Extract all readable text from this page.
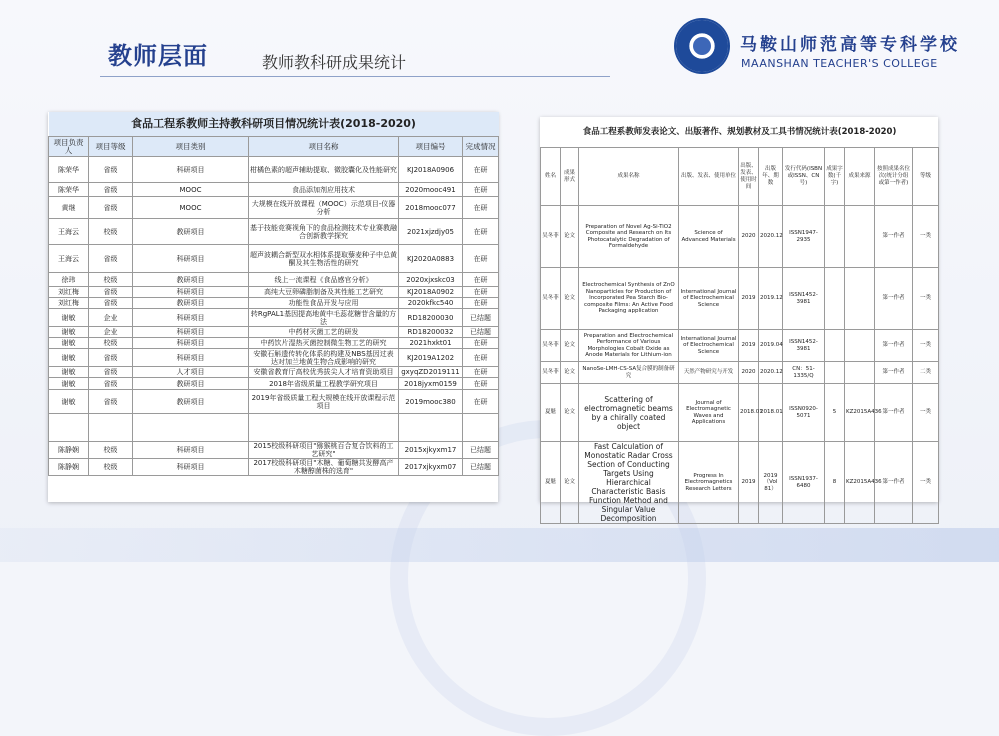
教师层面	教师教科研成果统计
马鞍山师范高等专科学校
MAANSHAN TEACHER'S COLLEGE
食品工程系教师主持教科研项目情况统计表(2018-2020)					
项目负责人	项目等级	项目类别	项目名称	项目编号	完成情况
陈荣华	省级	科研项目	柑橘色素的超声辅助提取、微胶囊化及性能研究	KJ2018A0906	在研
陈荣华	省级	MOOC	食品添加剂应用技术	2020mooc491	在研
黄继	省级	MOOC	大规模在线开放课程（MOOC）示范项目-仪器分析	2018mooc077	在研
王海云	校级	教研项目	基于技能竞赛视角下的食品检测技术专业赛教融合创新教学探究	2021xjzdjy05	在研
王海云	省级	科研项目	超声波耦合新型双水相体系提取藜麦种子中总黄酮及其生物活性的研究	KJ2020A0883	在研
徐玮	校级	教研项目	线上一流课程《食品感官分析》	2020xjxskc03	在研
刘红梅	省级	科研项目	高纯大豆卵磷脂制备及其性能工艺研究	KJ2018A0902	在研
刘红梅	省级	教研项目	功能性食品开发与应用	2020kfkc540	在研
谢敏	企业	科研项目	转RgPAL1基因提高地黄中毛蕊花糖苷含量的方法	RD18200030	已结题
谢敏	企业	科研项目	中药材灭菌工艺的研发	RD18200032	已结题
谢敏	校级	科研项目	中药饮片湿热灭菌控制微生物工艺的研究	2021hxkt01	在研
谢敏	省级	科研项目	安徽石斛遗传转化体系的构建及NBS基因过表达对加兰地黄生物合成影响的研究	KJ2019A1202	在研
谢敏	省级	人才项目	安徽省教育厅高校优秀拔尖人才培育资助项目	gxyqZD2019111	在研
谢敏	省级	教研项目	2018年省级质量工程教学研究项目	2018jyxm0159	在研
谢敏	省级	教研项目	2019年省级质量工程大规模在线开放课程示范项目	2019mooc380	在研

陈静娴	校级	科研项目	2015校级科研项目"猕猴桃百合复合饮料的工艺研究"	2015xjkyxm17	已结题
陈静娴	校级	科研项目	2017校级科研项目"木糖、葡萄糖共发酵高产木糖醇菌株的选育"	2017xjkyxm07	已结题
食品工程系教师发表论文、出版著作、规划教材及工具书情况统计表(2018-2020)										
姓名	成果形式	成果名称	出版、发表、使用单位	出版、发表、使用时间	出版年、期数	发行代码(ISBN或ISSN、CN号)	成果字数(千字)	成果来源	按照成果名位次(统计分组或第一作者)	等级
吴冬菲	论文	Preparation of Novel Ag-Si-TiO2 Composite and Research on Its Photocatalytic Degradation of Formaldehyde	Science of Advanced Materials	2020	2020.12	ISSN1947-2935			第一作者	一类
吴冬菲	论文	Electrochemical Synthesis of ZnO Nanoparticles for Production of Incorporated Pea Starch Bio-composite Films: An Active Food Packaging application	International Journal of Electrochemical Science	2019	2019.12	ISSN1452-3981			第一作者	一类
吴冬菲	论文	Preparation and Electrochemical Performance of Various Morphologies Cobalt Oxide as Anode Materials for Lithium-ion	International Journal of Electrochemical Science	2019	2019.04	ISSN1452-3981			第一作者	一类
吴冬菲	论文	NanoSe-LMH-CS-SA复合膜的制备研究	天然产物研究与开发	2020	2020.12	CN：51-1335/Q			第一作者	二类
夏魁	论文	Scattering of electromagnetic beams by a chirally coated object	Journal of Electromagnetic Waves and Applications	2018.01	2018.01	ISSN0920-5071	5	KZ2015A436	第一作者	一类
夏魁	论文	Fast Calculation of Monostatic Radar Cross Section of Conducting Targets Using Hierarchical Characteristic Basis Function Method and Singular Value Decomposition	Progress In Electromagnetics Research Letters	2019	2019（Vol 81）	ISSN1937-6480	8	KZ2015A436	第一作者	一类
